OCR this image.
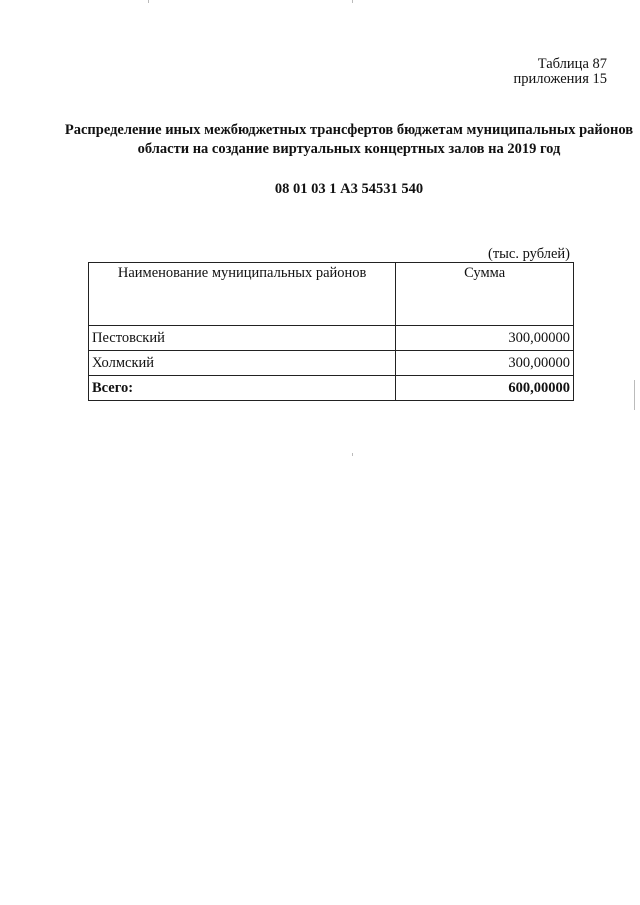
Таблица 87
приложения 15
Распределение иных межбюджетных трансфертов бюджетам муниципальных районов области на создание виртуальных концертных залов на 2019 год
08 01 03 1 А3 54531 540
(тыс. рублей)
Наименование муниципальных районов	Сумма
Пестовский	300,00000
Холмский	300,00000
Всего:	600,00000
